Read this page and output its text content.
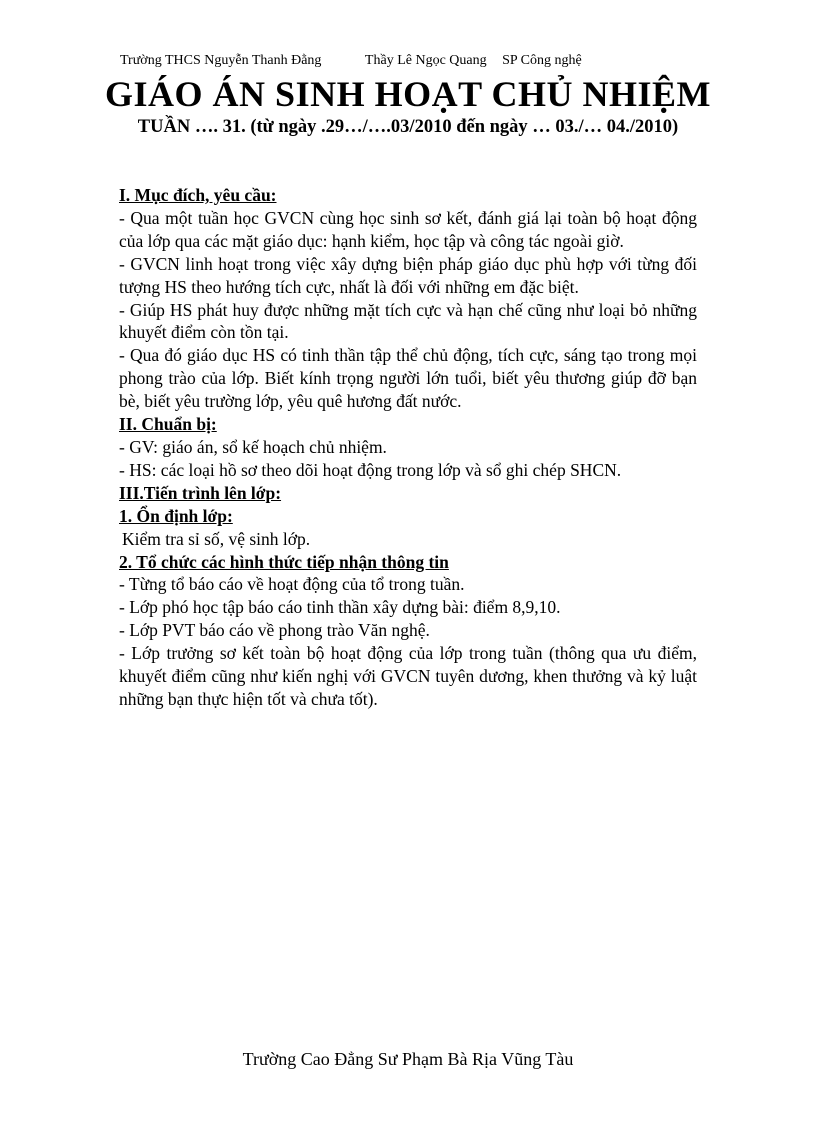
Trường THCS Nguyễn Thanh Đằng	Thầy Lê Ngọc Quang SP Công nghệ
GIÁO ÁN SINH HOẠT CHỦ NHIỆM
TUẦN …. 31. (từ ngày .29…/….03/2010 đến ngày … 03./… 04./2010)
I. Mục đích, yêu cầu:
- Qua một tuần học GVCN cùng học sinh sơ kết, đánh giá lại toàn bộ hoạt động của lớp qua các mặt giáo dục: hạnh kiểm, học tập và công tác ngoài giờ.
- GVCN linh hoạt trong việc xây dựng biện pháp giáo dục phù hợp với từng đối tượng HS theo hướng tích cực, nhất là đối với những em đặc biệt.
- Giúp HS phát huy được những mặt tích cực và hạn chế cũng như loại bỏ những khuyết điểm còn tồn tại.
- Qua đó giáo dục HS có tinh thần tập thể chủ động, tích cực, sáng tạo trong mọi phong trào của lớp. Biết kính trọng người lớn tuổi, biết yêu thương giúp đỡ bạn bè, biết yêu trường lớp, yêu quê hương đất nước.
II. Chuẩn bị:
- GV: giáo án, sổ kế hoạch chủ nhiệm.
- HS: các loại hồ sơ theo dõi hoạt động trong lớp và sổ ghi chép SHCN.
III.Tiến trình lên lớp:
1. Ổn định lớp:
Kiểm tra sỉ số, vệ sinh lớp.
2. Tổ chức các hình thức tiếp nhận thông tin
- Từng tổ báo cáo về hoạt động của tổ trong tuần.
- Lớp phó học tập báo cáo tinh thần xây dựng bài: điểm 8,9,10.
- Lớp PVT báo cáo về phong trào Văn nghệ.
- Lớp trưởng sơ kết toàn bộ hoạt động của lớp trong tuần (thông qua ưu điểm, khuyết điểm cũng như kiến nghị với GVCN tuyên dương, khen thưởng và kỷ luật những bạn thực hiện tốt và chưa tốt).
Trường Cao Đẳng Sư Phạm Bà Rịa Vũng Tàu
